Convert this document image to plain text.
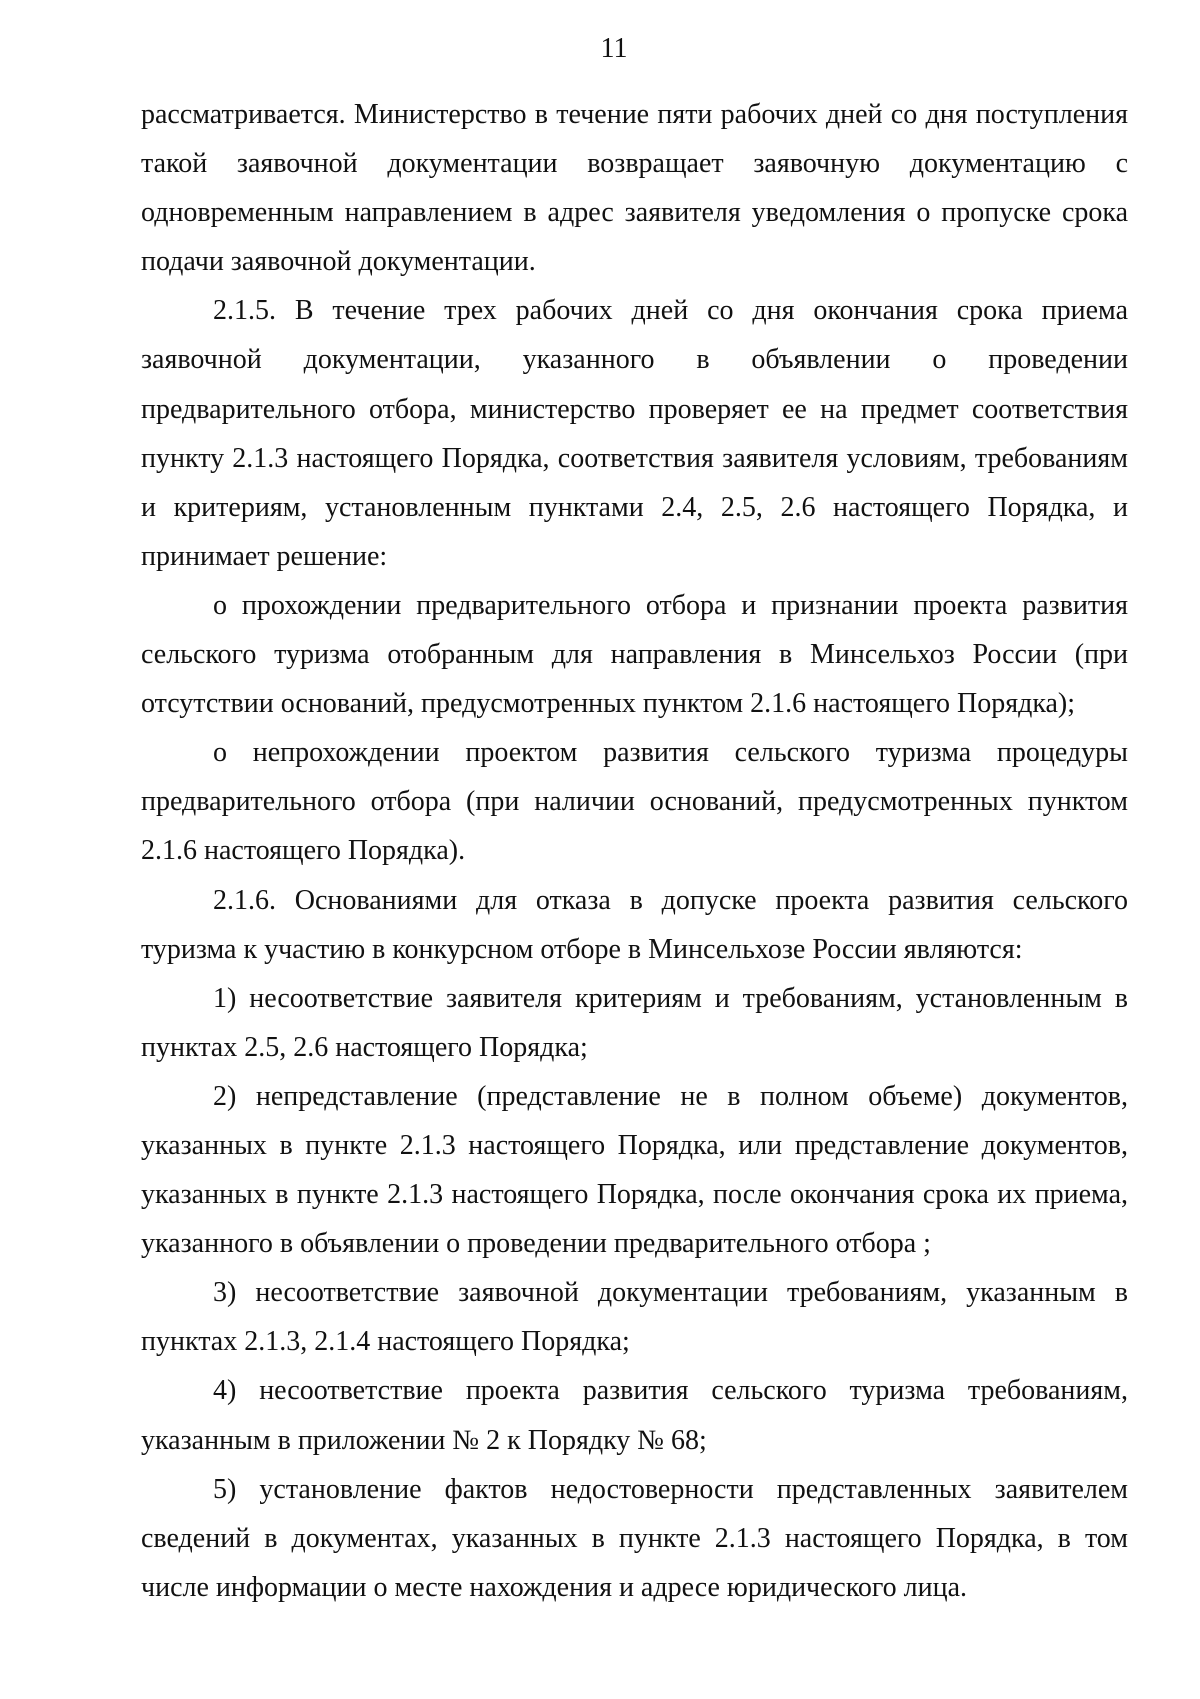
11

рассматривается. Министерство в течение пяти рабочих дней со дня поступления такой заявочной документации возвращает заявочную документацию с одновременным направлением в адрес заявителя уведомления о пропуске срока подачи заявочной документации.

2.1.5. В течение трех рабочих дней со дня окончания срока приема заявочной документации, указанного в объявлении о проведении предварительного отбора, министерство проверяет ее на предмет соответствия пункту 2.1.3 настоящего Порядка, соответствия заявителя условиям, требованиям и критериям, установленным пунктами 2.4, 2.5, 2.6 настоящего Порядка, и принимает решение:

о прохождении предварительного отбора и признании проекта развития сельского туризма отобранным для направления в Минсельхоз России (при отсутствии оснований, предусмотренных пунктом 2.1.6 настоящего Порядка);

о непрохождении проектом развития сельского туризма процедуры предварительного отбора (при наличии оснований, предусмотренных пунктом 2.1.6 настоящего Порядка).

2.1.6. Основаниями для отказа в допуске проекта развития сельского туризма к участию в конкурсном отборе в Минсельхозе России являются:

1) несоответствие заявителя критериям и требованиям, установленным в пунктах 2.5, 2.6 настоящего Порядка;

2) непредставление (представление не в полном объеме) документов, указанных в пункте 2.1.3 настоящего Порядка, или представление документов, указанных в пункте 2.1.3 настоящего Порядка, после окончания срока их приема, указанного в объявлении о проведении предварительного отбора ;

3) несоответствие заявочной документации требованиям, указанным в пунктах 2.1.3, 2.1.4 настоящего Порядка;

4) несоответствие проекта развития сельского туризма требованиям, указанным в приложении № 2 к Порядку № 68;

5) установление фактов недостоверности представленных заявителем сведений в документах, указанных в пункте 2.1.3 настоящего Порядка, в том числе информации о месте нахождения и адресе юридического лица.
